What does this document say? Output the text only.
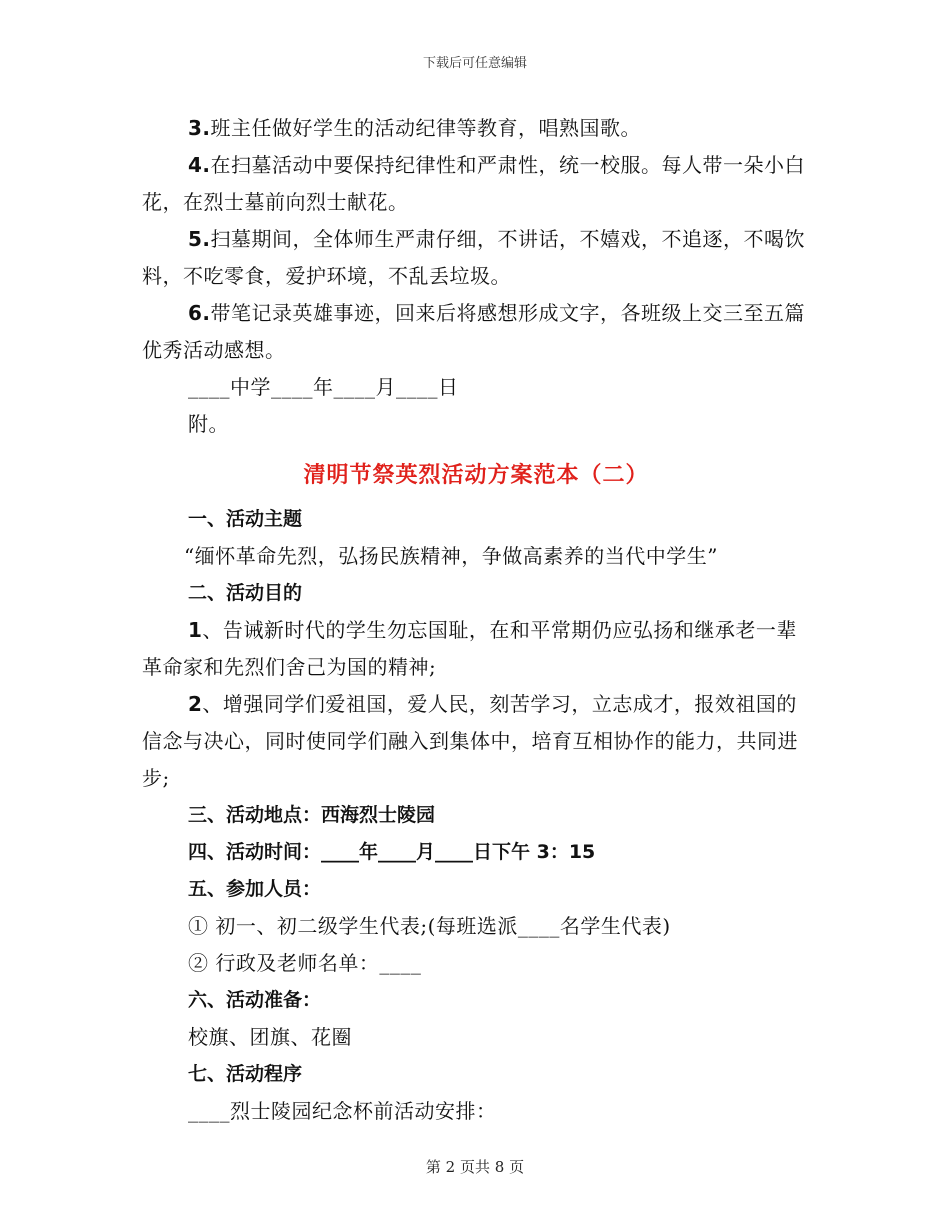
下载后可任意编辑

3.班主任做好学生的活动纪律等教育，唱熟国歌。

4.在扫墓活动中要保持纪律性和严肃性，统一校服。每人带一朵小白花，在烈士墓前向烈士献花。

5.扫墓期间，全体师生严肃仔细，不讲话，不嬉戏，不追逐，不喝饮料，不吃零食，爱护环境，不乱丢垃圾。

6.带笔记录英雄事迹，回来后将感想形成文字，各班级上交三至五篇优秀活动感想。

____中学____年____月____日

附。

清明节祭英烈活动方案范本（二）

一、活动主题

“缅怀革命先烈，弘扬民族精神，争做高素养的当代中学生”

二、活动目的

1、告诫新时代的学生勿忘国耻，在和平常期仍应弘扬和继承老一辈革命家和先烈们舍己为国的精神;

2、增强同学们爱祖国，爱人民，刻苦学习，立志成才，报效祖国的信念与决心，同时使同学们融入到集体中，培育互相协作的能力，共同进步;

三、活动地点：西海烈士陵园

四、活动时间：____年____月____日下午 3：15

五、参加人员：

① 初一、初二级学生代表;(每班选派____名学生代表)

② 行政及老师名单：____

六、活动准备：

校旗、团旗、花圈

七、活动程序

____烈士陵园纪念杯前活动安排：

第 2 页共 8 页
